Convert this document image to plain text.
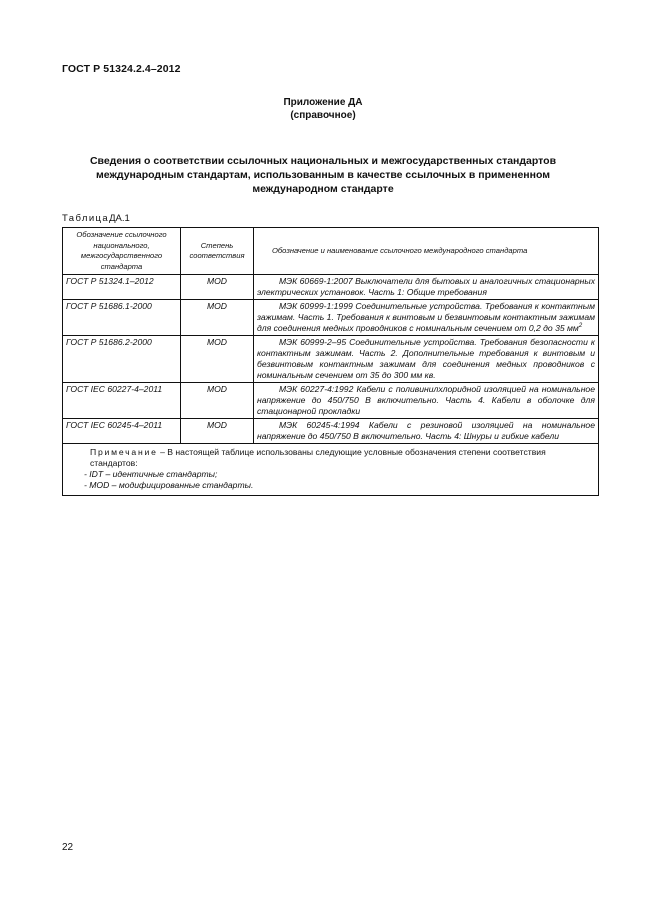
ГОСТ Р 51324.2.4–2012
Приложение ДА
(справочное)
Сведения о соответствии ссылочных национальных и межгосударственных стандартов международным стандартам, использованным в качестве ссылочных в примененном международном стандарте
ТаблицаДА.1
Обозначение ссылочного национального, межгосударственного стандарта	Степень соответствия	Обозначение и наименование ссылочного международного стандарта
ГОСТ Р 51324.1–2012	MOD	МЭК 60669-1:2007 Выключатели для бытовых и аналогичных стационарных электрических установок. Часть 1: Общие требования
ГОСТ Р 51686.1-2000	MOD	МЭК 60999-1:1999 Соединительные устройства. Требования к контактным зажимам. Часть 1. Требования к винтовым и безвинтовым контактным зажимам для соединения медных проводников с номинальным сечением от 0,2 до 35 $мм^2$
ГОСТ Р 51686.2-2000	MOD	МЭК 60999-2–95 Соединительные устройства. Требования безопасности к контактным зажимам. Часть 2. Дополнительные требования к винтовым и безвинтовым контактным зажимам для соединения медных проводников с номинальным сечением от 35 до 300 мм кв.
ГОСТ IEC 60227-4–2011	MOD	МЭК 60227-4:1992 Кабели с поливинилхлоридной изоляцией на номинальное напряжение до 450/750 В включительно. Часть 4. Кабели в оболочке для стационарной прокладки
ГОСТ IEC 60245-4–2011	MOD	МЭК 60245-4:1994 Кабели с резиновой изоляцией на номинальное напряжение до 450/750 В включительно. Часть 4: Шнуры и гибкие кабели

Примечание – В настоящей таблице использованы следующие условные обозначения степени соответствия стандартов:
- IDT – идентичные стандарты;
- MOD – модифицированные стандарты.		
22
